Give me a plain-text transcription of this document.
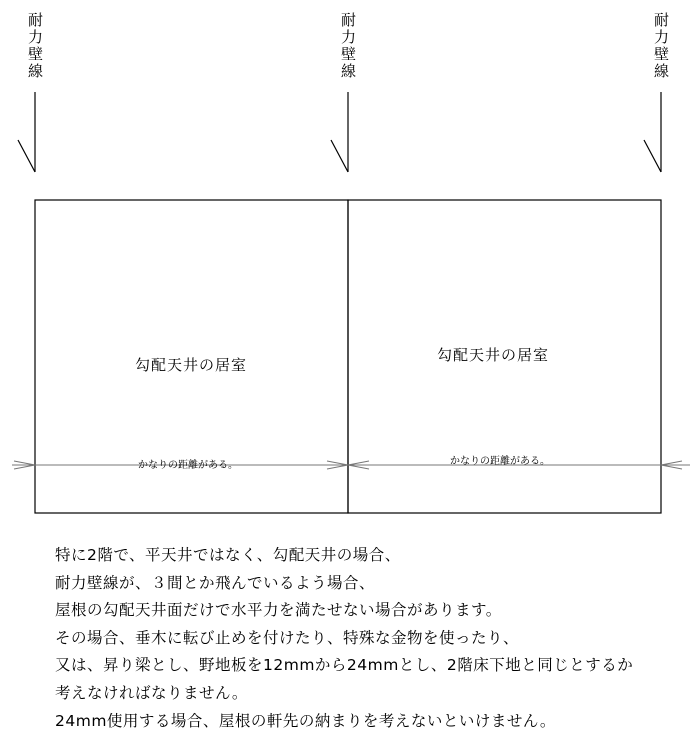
耐力壁線	耐力壁線	耐力壁線
勾配天井の居室
勾配天井の居室
かなりの距離がある。	かなりの距離がある。

特に2階で、平天井ではなく、勾配天井の場合、

耐力壁線が、３間とか飛んでいるよう場合、

屋根の勾配天井面だけで水平力を満たせない場合があります。

その場合、垂木に転び止めを付けたり、特殊な金物を使ったり、

又は、昇り梁とし、野地板を12mmから24mmとし、2階床下地と同じとするか

考えなければなりません。

24mm使用する場合、屋根の軒先の納まりを考えないといけません。
